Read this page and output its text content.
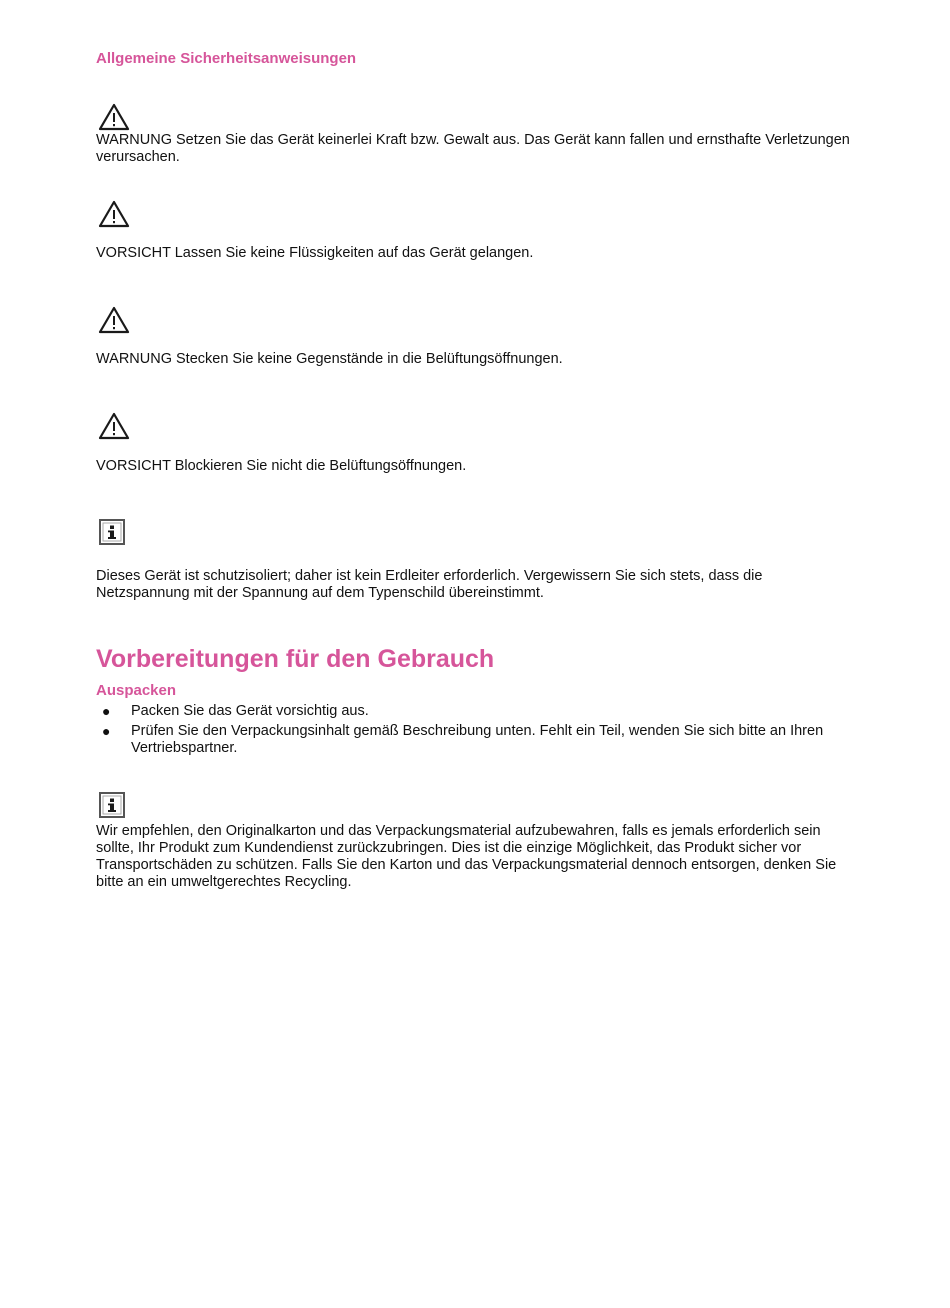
Allgemeine Sicherheitsanweisungen
WARNUNG Setzen Sie das Gerät keinerlei Kraft bzw. Gewalt aus. Das Gerät kann fallen und ernsthafte Verletzungen verursachen.
VORSICHT Lassen Sie keine Flüssigkeiten auf das Gerät gelangen.
WARNUNG Stecken Sie keine Gegenstände in die Belüftungsöffnungen.
VORSICHT Blockieren Sie nicht die Belüftungsöffnungen.
Dieses Gerät ist schutzisoliert; daher ist kein Erdleiter erforderlich. Vergewissern Sie sich stets, dass die Netzspannung mit der Spannung auf dem Typenschild übereinstimmt.
Vorbereitungen für den Gebrauch
Auspacken
● Packen Sie das Gerät vorsichtig aus.
● Prüfen Sie den Verpackungsinhalt gemäß Beschreibung unten. Fehlt ein Teil, wenden Sie sich bitte an Ihren Vertriebspartner.
Wir empfehlen, den Originalkarton und das Verpackungsmaterial aufzubewahren, falls es jemals erforderlich sein sollte, Ihr Produkt zum Kundendienst zurückzubringen. Dies ist die einzige Möglichkeit, das Produkt sicher vor Transportschäden zu schützen. Falls Sie den Karton und das Verpackungsmaterial dennoch entsorgen, denken Sie bitte an ein umweltgerechtes Recycling.
